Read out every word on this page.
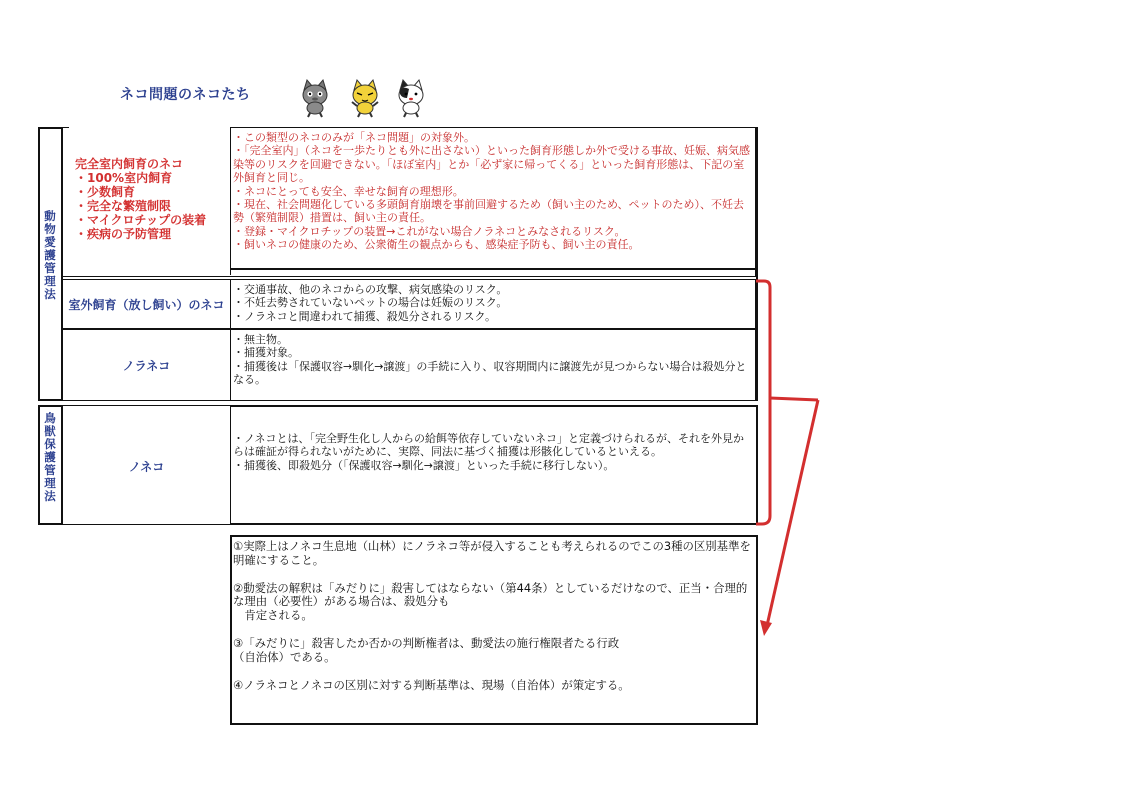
ネコ問題のネコたち
動物愛護管理法
完全室内飼育のネコ
・100%室内飼育
・少数飼育
・完全な繁殖制限
・マイクロチップの装着
・疾病の予防管理
・この類型のネコのみが「ネコ問題」の対象外。
・「完全室内」（ネコを一歩たりとも外に出さない）といった飼育形態しか外で受ける事故、妊娠、病気感染等のリスクを回避できない。「ほぼ室内」とか「必ず家に帰ってくる」といった飼育形態は、下記の室外飼育と同じ。
・ネコにとっても安全、幸せな飼育の理想形。
・現在、社会問題化している多頭飼育崩壊を事前回避するため（飼い主のため、ペットのため）、不妊去勢（繁殖制限）措置は、飼い主の責任。
・登録・マイクロチップの装置→これがない場合ノラネコとみなされるリスク。
・飼いネコの健康のため、公衆衛生の観点からも、感染症予防も、飼い主の責任。
室外飼育（放し飼い）のネコ
・交通事故、他のネコからの攻撃、病気感染のリスク。
・不妊去勢されていないペットの場合は妊娠のリスク。
・ノラネコと間違われて捕獲、殺処分されるリスク。
ノラネコ
・無主物。
・捕獲対象。
・捕獲後は「保護収容→馴化→譲渡」の手続に入り、収容期間内に譲渡先が見つからない場合は殺処分となる。
鳥獣保護管理法
ノネコ
・ノネコとは、「完全野生化し人からの給餌等依存していないネコ」と定義づけられるが、それを外見からは確証が得られないがために、実際、同法に基づく捕獲は形骸化しているといえる。
・捕獲後、即殺処分（「保護収容→馴化→譲渡」といった手続に移行しない）。
①実際上はノネコ生息地（山林）にノラネコ等が侵入することも考えられるのでこの3種の区別基準を明確にすること。
②動愛法の解釈は「みだりに」殺害してはならない（第44条）としているだけなので、正当・合理的な理由（必要性）がある場合は、殺処分も
　肯定される。
③「みだりに」殺害したか否かの判断権者は、動愛法の施行権限者たる行政
（自治体）である。
④ノラネコとノネコの区別に対する判断基準は、現場（自治体）が策定する。
